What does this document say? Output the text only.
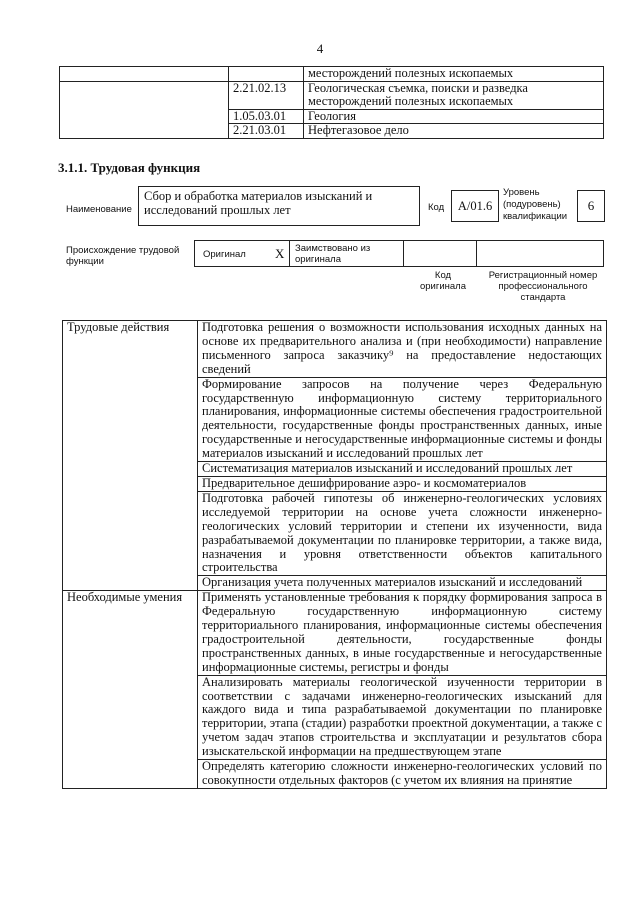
4
		месторождений полезных ископаемых
	2.21.02.13	Геологическая съемка, поиски и разведка месторождений полезных ископаемых
	1.05.03.01	Геология
	2.21.03.01	Нефтегазовое дело
3.1.1. Трудовая функция
Наименование
Сбор и обработка материалов изысканий и исследований прошлых лет	Код	A/01.6
Уровень (подуровень) квалификации
6
Происхождение трудовой функции
Оригинал X Заимствовано из оригинала
Код оригинала
Регистрационный номер профессионального стандарта
Трудовые действия	Подготовка решения о возможности использования исходных данных на основе их предварительного анализа и (при необходимости) направление письменного запроса заказчику⁹ на предоставление недостающих сведений
	Формирование запросов на получение через Федеральную государственную информационную систему территориального планирования, информационные системы обеспечения градостроительной деятельности, государственные фонды пространственных данных, иные государственные и негосударственные информационные системы и фонды материалов изысканий и исследований прошлых лет
	Систематизация материалов изысканий и исследований прошлых лет
	Предварительное дешифрирование аэро- и космоматериалов
	Подготовка рабочей гипотезы об инженерно-геологических условиях исследуемой территории на основе учета сложности инженерно-геологических условий территории и степени их изученности, вида разрабатываемой документации по планировке территории, а также вида, назначения и уровня ответственности объектов капитального строительства
	Организация учета полученных материалов изысканий и исследований
Необходимые умения	Применять установленные требования к порядку формирования запроса в Федеральную государственную информационную систему территориального планирования, информационные системы обеспечения градостроительной деятельности, государственные фонды пространственных данных, в иные государственные и негосударственные информационные системы, регистры и фонды
	Анализировать материалы геологической изученности территории в соответствии с задачами инженерно-геологических изысканий для каждого вида и типа разрабатываемой документации по планировке территории, этапа (стадии) разработки проектной документации, а также с учетом задач этапов строительства и эксплуатации и результатов сбора изыскательской информации на предшествующем этапе
	Определять категорию сложности инженерно-геологических условий по совокупности отдельных факторов (с учетом их влияния на принятие
